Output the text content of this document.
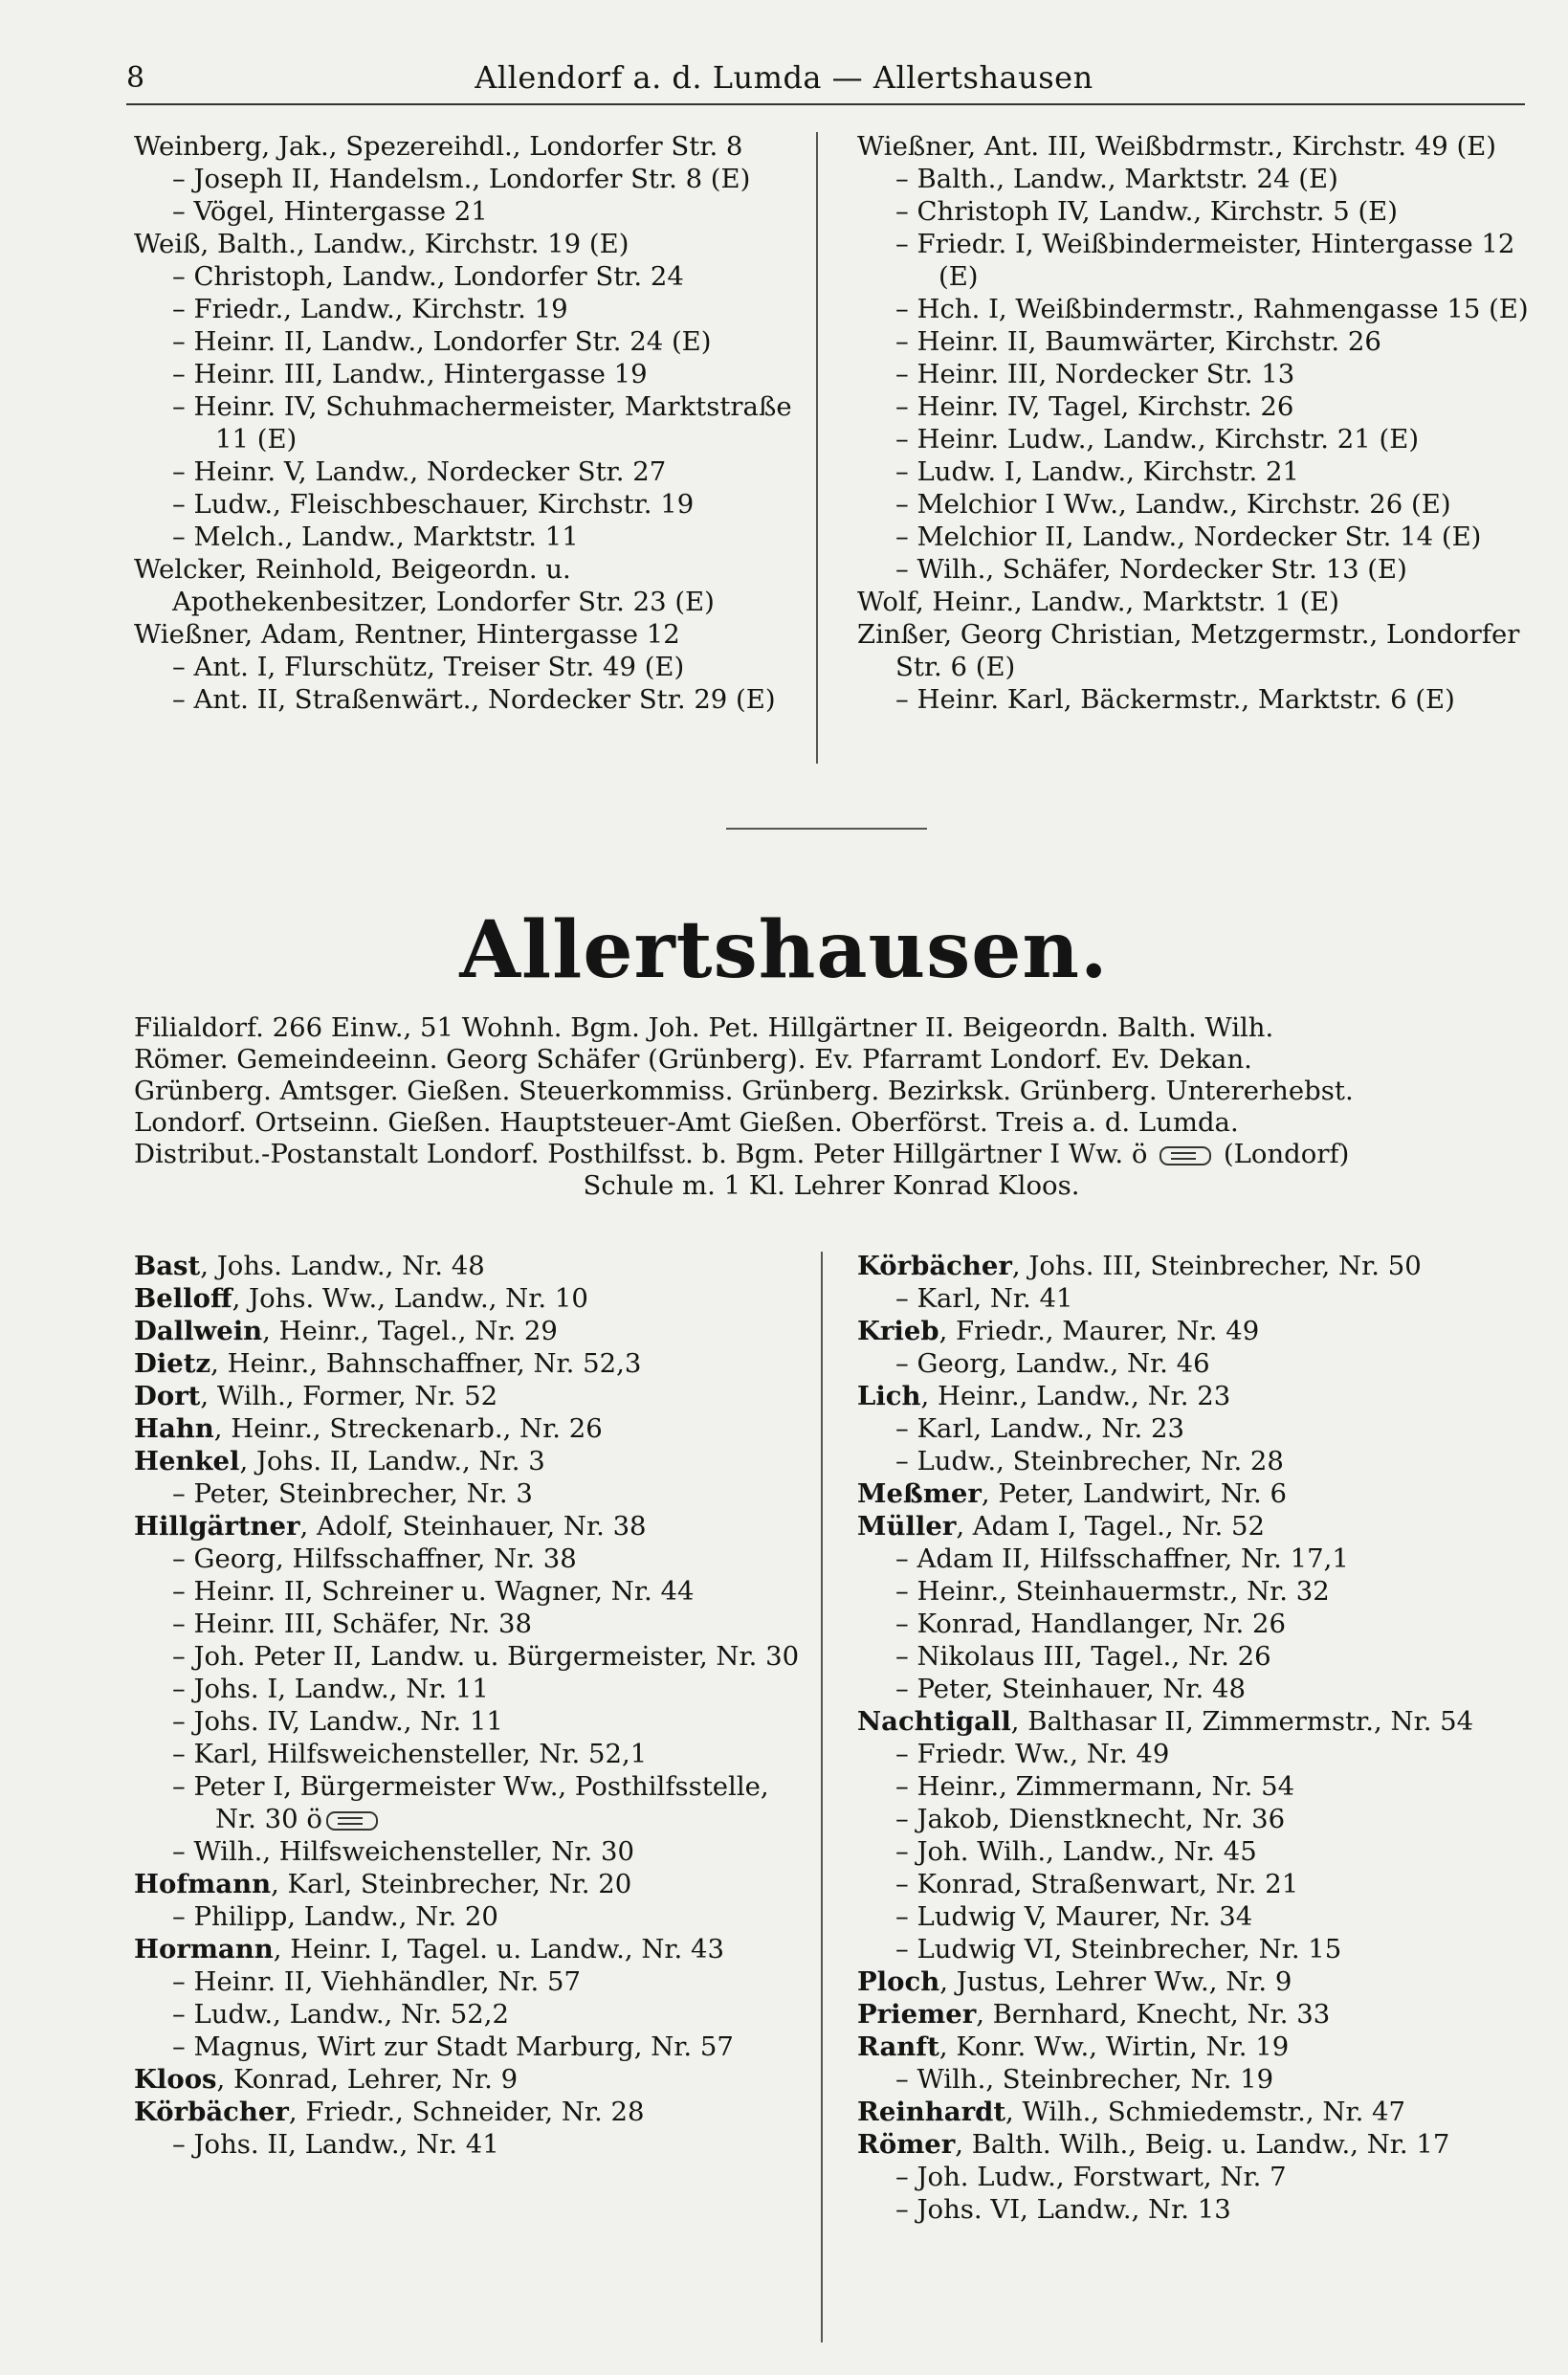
8	Allendorf a. d. Lumda — Allertshausen
Weinberg, Jak., Spezereihdl., Londorfer Str. 8
– Joseph II, Handelsm., Londorfer Str. 8 (E)
– Vögel, Hintergasse 21
Weiß, Balth., Landw., Kirchstr. 19 (E)
– Christoph, Landw., Londorfer Str. 24
– Friedr., Landw., Kirchstr. 19
– Heinr. II, Landw., Londorfer Str. 24 (E)
– Heinr. III, Landw., Hintergasse 19
– Heinr. IV, Schuhmachermeister, Marktstraße 11 (E)
– Heinr. V, Landw., Nordecker Str. 27
– Ludw., Fleischbeschauer, Kirchstr. 19
– Melch., Landw., Marktstr. 11
Welcker, Reinhold, Beigeordn. u. Apothekenbesitzer, Londorfer Str. 23 (E)
Wießner, Adam, Rentner, Hintergasse 12
– Ant. I, Flurschütz, Treiser Str. 49 (E)
– Ant. II, Straßenwärt., Nordecker Str. 29 (E)
Wießner, Ant. III, Weißbdrmstr., Kirchstr. 49 (E)
– Balth., Landw., Marktstr. 24 (E)
– Christoph IV, Landw., Kirchstr. 5 (E)
– Friedr. I, Weißbindermeister, Hintergasse 12 (E)
– Hch. I, Weißbindermstr., Rahmengasse 15 (E)
– Heinr. II, Baumwärter, Kirchstr. 26
– Heinr. III, Nordecker Str. 13
– Heinr. IV, Tagel, Kirchstr. 26
– Heinr. Ludw., Landw., Kirchstr. 21 (E)
– Ludw. I, Landw., Kirchstr. 21
– Melchior I Ww., Landw., Kirchstr. 26 (E)
– Melchior II, Landw., Nordecker Str. 14 (E)
– Wilh., Schäfer, Nordecker Str. 13 (E)
Wolf, Heinr., Landw., Marktstr. 1 (E)
Zinßer, Georg Christian, Metzgermstr., Londorfer Str. 6 (E)
– Heinr. Karl, Bäckermstr., Marktstr. 6 (E)
Allertshausen.
Filialdorf. 266 Einw., 51 Wohnh. Bgm. Joh. Pet. Hillgärtner II. Beigeordn. Balth. Wilh.
Römer. Gemeindeeinn. Georg Schäfer (Grünberg). Ev. Pfarramt Londorf. Ev. Dekan.
Grünberg. Amtsger. Gießen. Steuerkommiss. Grünberg. Bezirksk. Grünberg. Untererhebst.
Londorf. Ortseinn. Gießen. Hauptsteuer-Amt Gießen. Oberförst. Treis a. d. Lumda.
Distribut.-Postanstalt Londorf. Posthilfsst. b. Bgm. Peter Hillgärtner I Ww. ö	(Londorf)
Schule m. 1 Kl. Lehrer Konrad Kloos.
Bast, Johs. Landw., Nr. 48
Belloff, Johs. Ww., Landw., Nr. 10
Dallwein, Heinr., Tagel., Nr. 29
Dietz, Heinr., Bahnschaffner, Nr. 52,3
Dort, Wilh., Former, Nr. 52
Hahn, Heinr., Streckenarb., Nr. 26
Henkel, Johs. II, Landw., Nr. 3
– Peter, Steinbrecher, Nr. 3
Hillgärtner, Adolf, Steinhauer, Nr. 38
– Georg, Hilfsschaffner, Nr. 38
– Heinr. II, Schreiner u. Wagner, Nr. 44
– Heinr. III, Schäfer, Nr. 38
– Joh. Peter II, Landw. u. Bürgermeister, Nr. 30
– Johs. I, Landw., Nr. 11
– Johs. IV, Landw., Nr. 11
– Karl, Hilfsweichensteller, Nr. 52,1
– Peter I, Bürgermeister Ww., Posthilfsstelle, Nr. 30 ö
– Wilh., Hilfsweichensteller, Nr. 30
Hofmann, Karl, Steinbrecher, Nr. 20
– Philipp, Landw., Nr. 20
Hormann, Heinr. I, Tagel. u. Landw., Nr. 43
– Heinr. II, Viehhändler, Nr. 57
– Ludw., Landw., Nr. 52,2
– Magnus, Wirt zur Stadt Marburg, Nr. 57
Kloos, Konrad, Lehrer, Nr. 9
Körbächer, Friedr., Schneider, Nr. 28
– Johs. II, Landw., Nr. 41
Körbächer, Johs. III, Steinbrecher, Nr. 50
– Karl, Nr. 41
Krieb, Friedr., Maurer, Nr. 49
– Georg, Landw., Nr. 46
Lich, Heinr., Landw., Nr. 23
– Karl, Landw., Nr. 23
– Ludw., Steinbrecher, Nr. 28
Meßmer, Peter, Landwirt, Nr. 6
Müller, Adam I, Tagel., Nr. 52
– Adam II, Hilfsschaffner, Nr. 17,1
– Heinr., Steinhauermstr., Nr. 32
– Konrad, Handlanger, Nr. 26
– Nikolaus III, Tagel., Nr. 26
– Peter, Steinhauer, Nr. 48
Nachtigall, Balthasar II, Zimmermstr., Nr. 54
– Friedr. Ww., Nr. 49
– Heinr., Zimmermann, Nr. 54
– Jakob, Dienstknecht, Nr. 36
– Joh. Wilh., Landw., Nr. 45
– Konrad, Straßenwart, Nr. 21
– Ludwig V, Maurer, Nr. 34
– Ludwig VI, Steinbrecher, Nr. 15
Ploch, Justus, Lehrer Ww., Nr. 9
Priemer, Bernhard, Knecht, Nr. 33
Ranft, Konr. Ww., Wirtin, Nr. 19
– Wilh., Steinbrecher, Nr. 19
Reinhardt, Wilh., Schmiedemstr., Nr. 47
Römer, Balth. Wilh., Beig. u. Landw., Nr. 17
– Joh. Ludw., Forstwart, Nr. 7
– Johs. VI, Landw., Nr. 13
